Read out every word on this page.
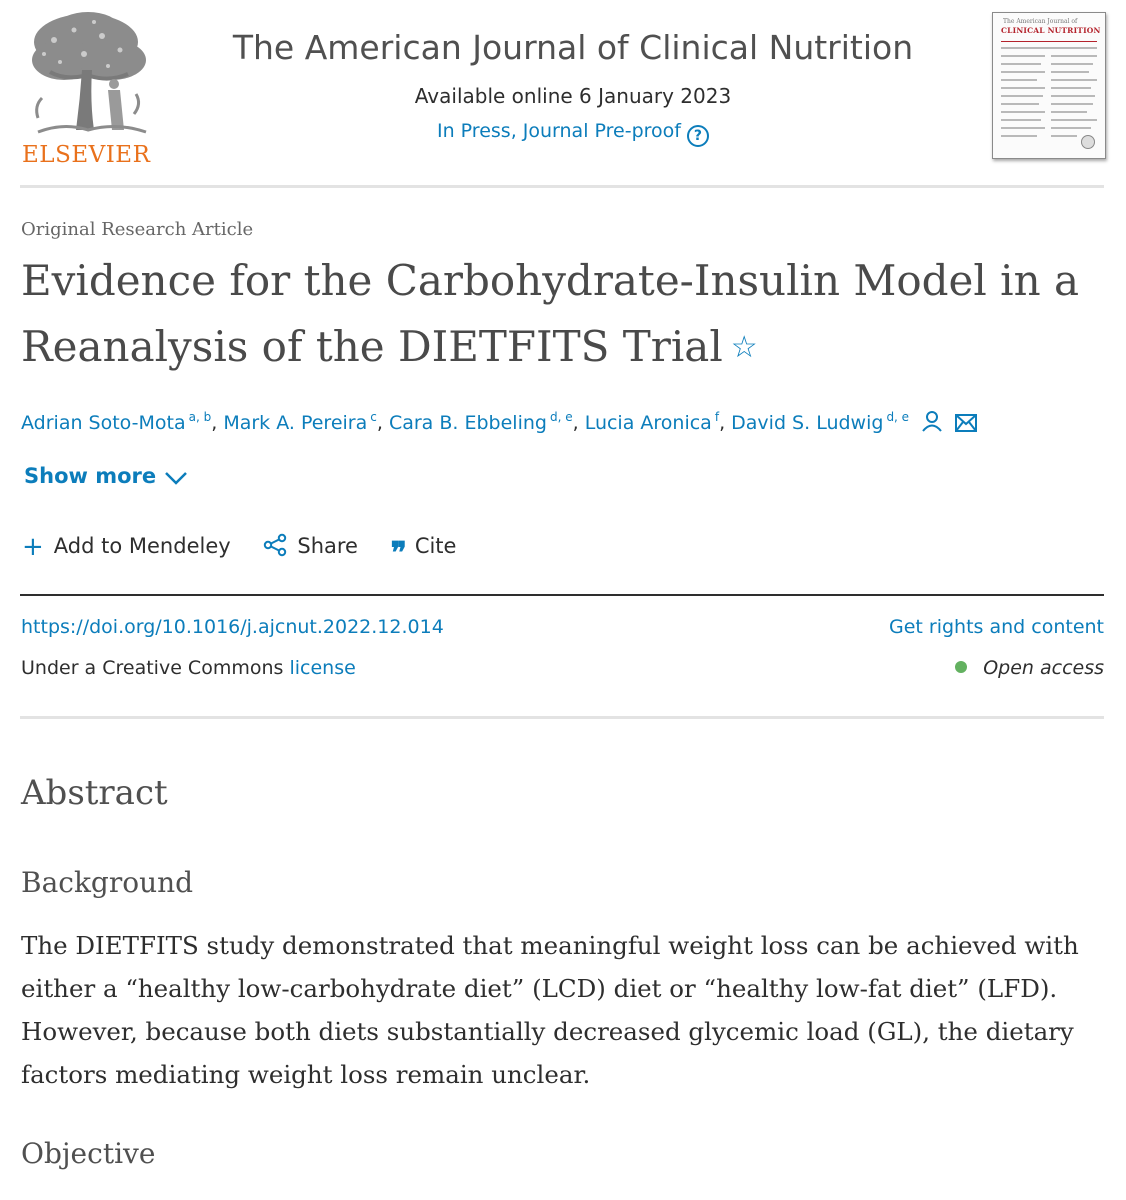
ELSEVIER
The American Journal of Clinical Nutrition
Available online 6 January 2023
In Press, Journal Pre-proof ?
The American Journal of
CLINICAL NUTRITION
Original Research Article
Evidence for the Carbohydrate-Insulin Model in a Reanalysis of the DIETFITS Trial ☆
Adrian Soto-Mota $^{a, b}$, Mark A. Pereira $^c$, Cara B. Ebbeling $^{d, e}$, Lucia Aronica $^f$, David S. Ludwig $^{d, e}$
Show more
+ Add to Mendeley	Share ❞ Cite
https://doi.org/10.1016/j.ajcnut.2022.12.014	Get rights and content
Under a Creative Commons license	Open access
Abstract
Background

The DIETFITS study demonstrated that meaningful weight loss can be achieved with either a “healthy low-carbohydrate diet” (LCD) diet or “healthy low-fat diet” (LFD). However, because both diets substantially decreased glycemic load (GL), the dietary factors mediating weight loss remain unclear.

Objective
